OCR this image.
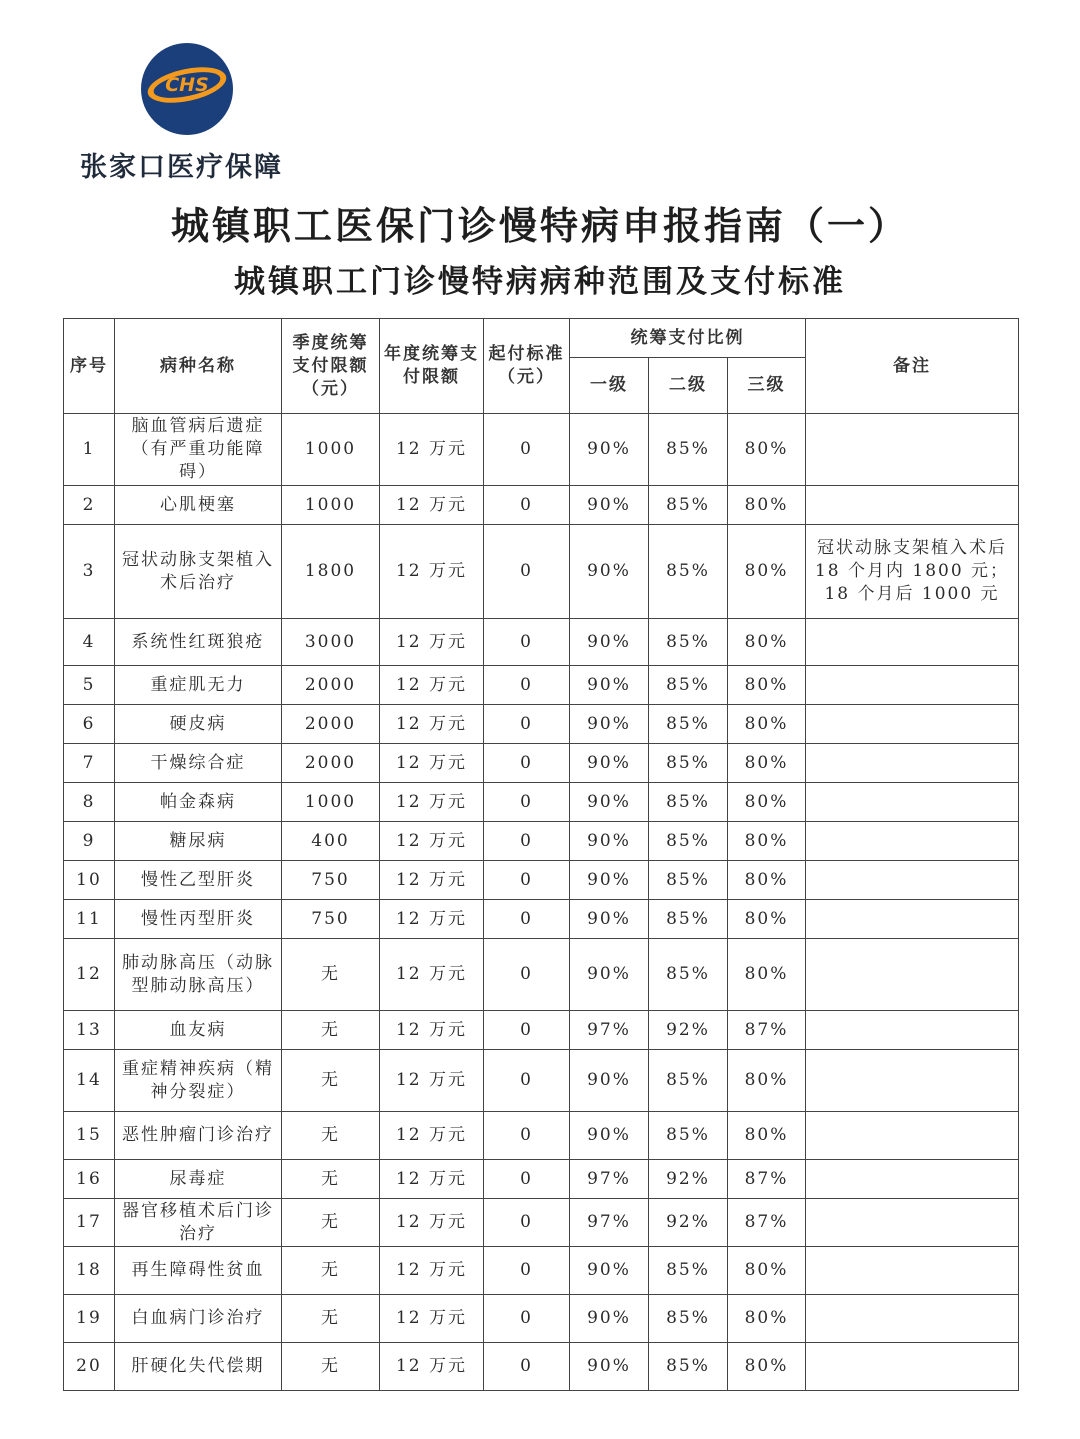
CHS
张家口医疗保障
城镇职工医保门诊慢特病申报指南（一）
城镇职工门诊慢特病病种范围及支付标准
序号	病种名称	季度统筹支付限额（元）	年度统筹支付限额	起付标准（元）	统筹支付比例			备注
					一级	二级	三级	
1	脑血管病后遗症（有严重功能障碍）	1000	12 万元	0	90%	85%	80%	
2	心肌梗塞	1000	12 万元	0	90%	85%	80%	
3	冠状动脉支架植入术后治疗	1800	12 万元	0	90%	85%	80%	冠状动脉支架植入术后 18 个月内 1800 元；18 个月后 1000 元
4	系统性红斑狼疮	3000	12 万元	0	90%	85%	80%	
5	重症肌无力	2000	12 万元	0	90%	85%	80%	
6	硬皮病	2000	12 万元	0	90%	85%	80%	
7	干燥综合症	2000	12 万元	0	90%	85%	80%	
8	帕金森病	1000	12 万元	0	90%	85%	80%	
9	糖尿病	400	12 万元	0	90%	85%	80%	
10	慢性乙型肝炎	750	12 万元	0	90%	85%	80%	
11	慢性丙型肝炎	750	12 万元	0	90%	85%	80%	
12	肺动脉高压（动脉型肺动脉高压）	无	12 万元	0	90%	85%	80%	
13	血友病	无	12 万元	0	97%	92%	87%	
14	重症精神疾病（精神分裂症）	无	12 万元	0	90%	85%	80%	
15	恶性肿瘤门诊治疗	无	12 万元	0	90%	85%	80%	
16	尿毒症	无	12 万元	0	97%	92%	87%	
17	器官移植术后门诊治疗	无	12 万元	0	97%	92%	87%	
18	再生障碍性贫血	无	12 万元	0	90%	85%	80%	
19	白血病门诊治疗	无	12 万元	0	90%	85%	80%	
20	肝硬化失代偿期	无	12 万元	0	90%	85%	80%	
